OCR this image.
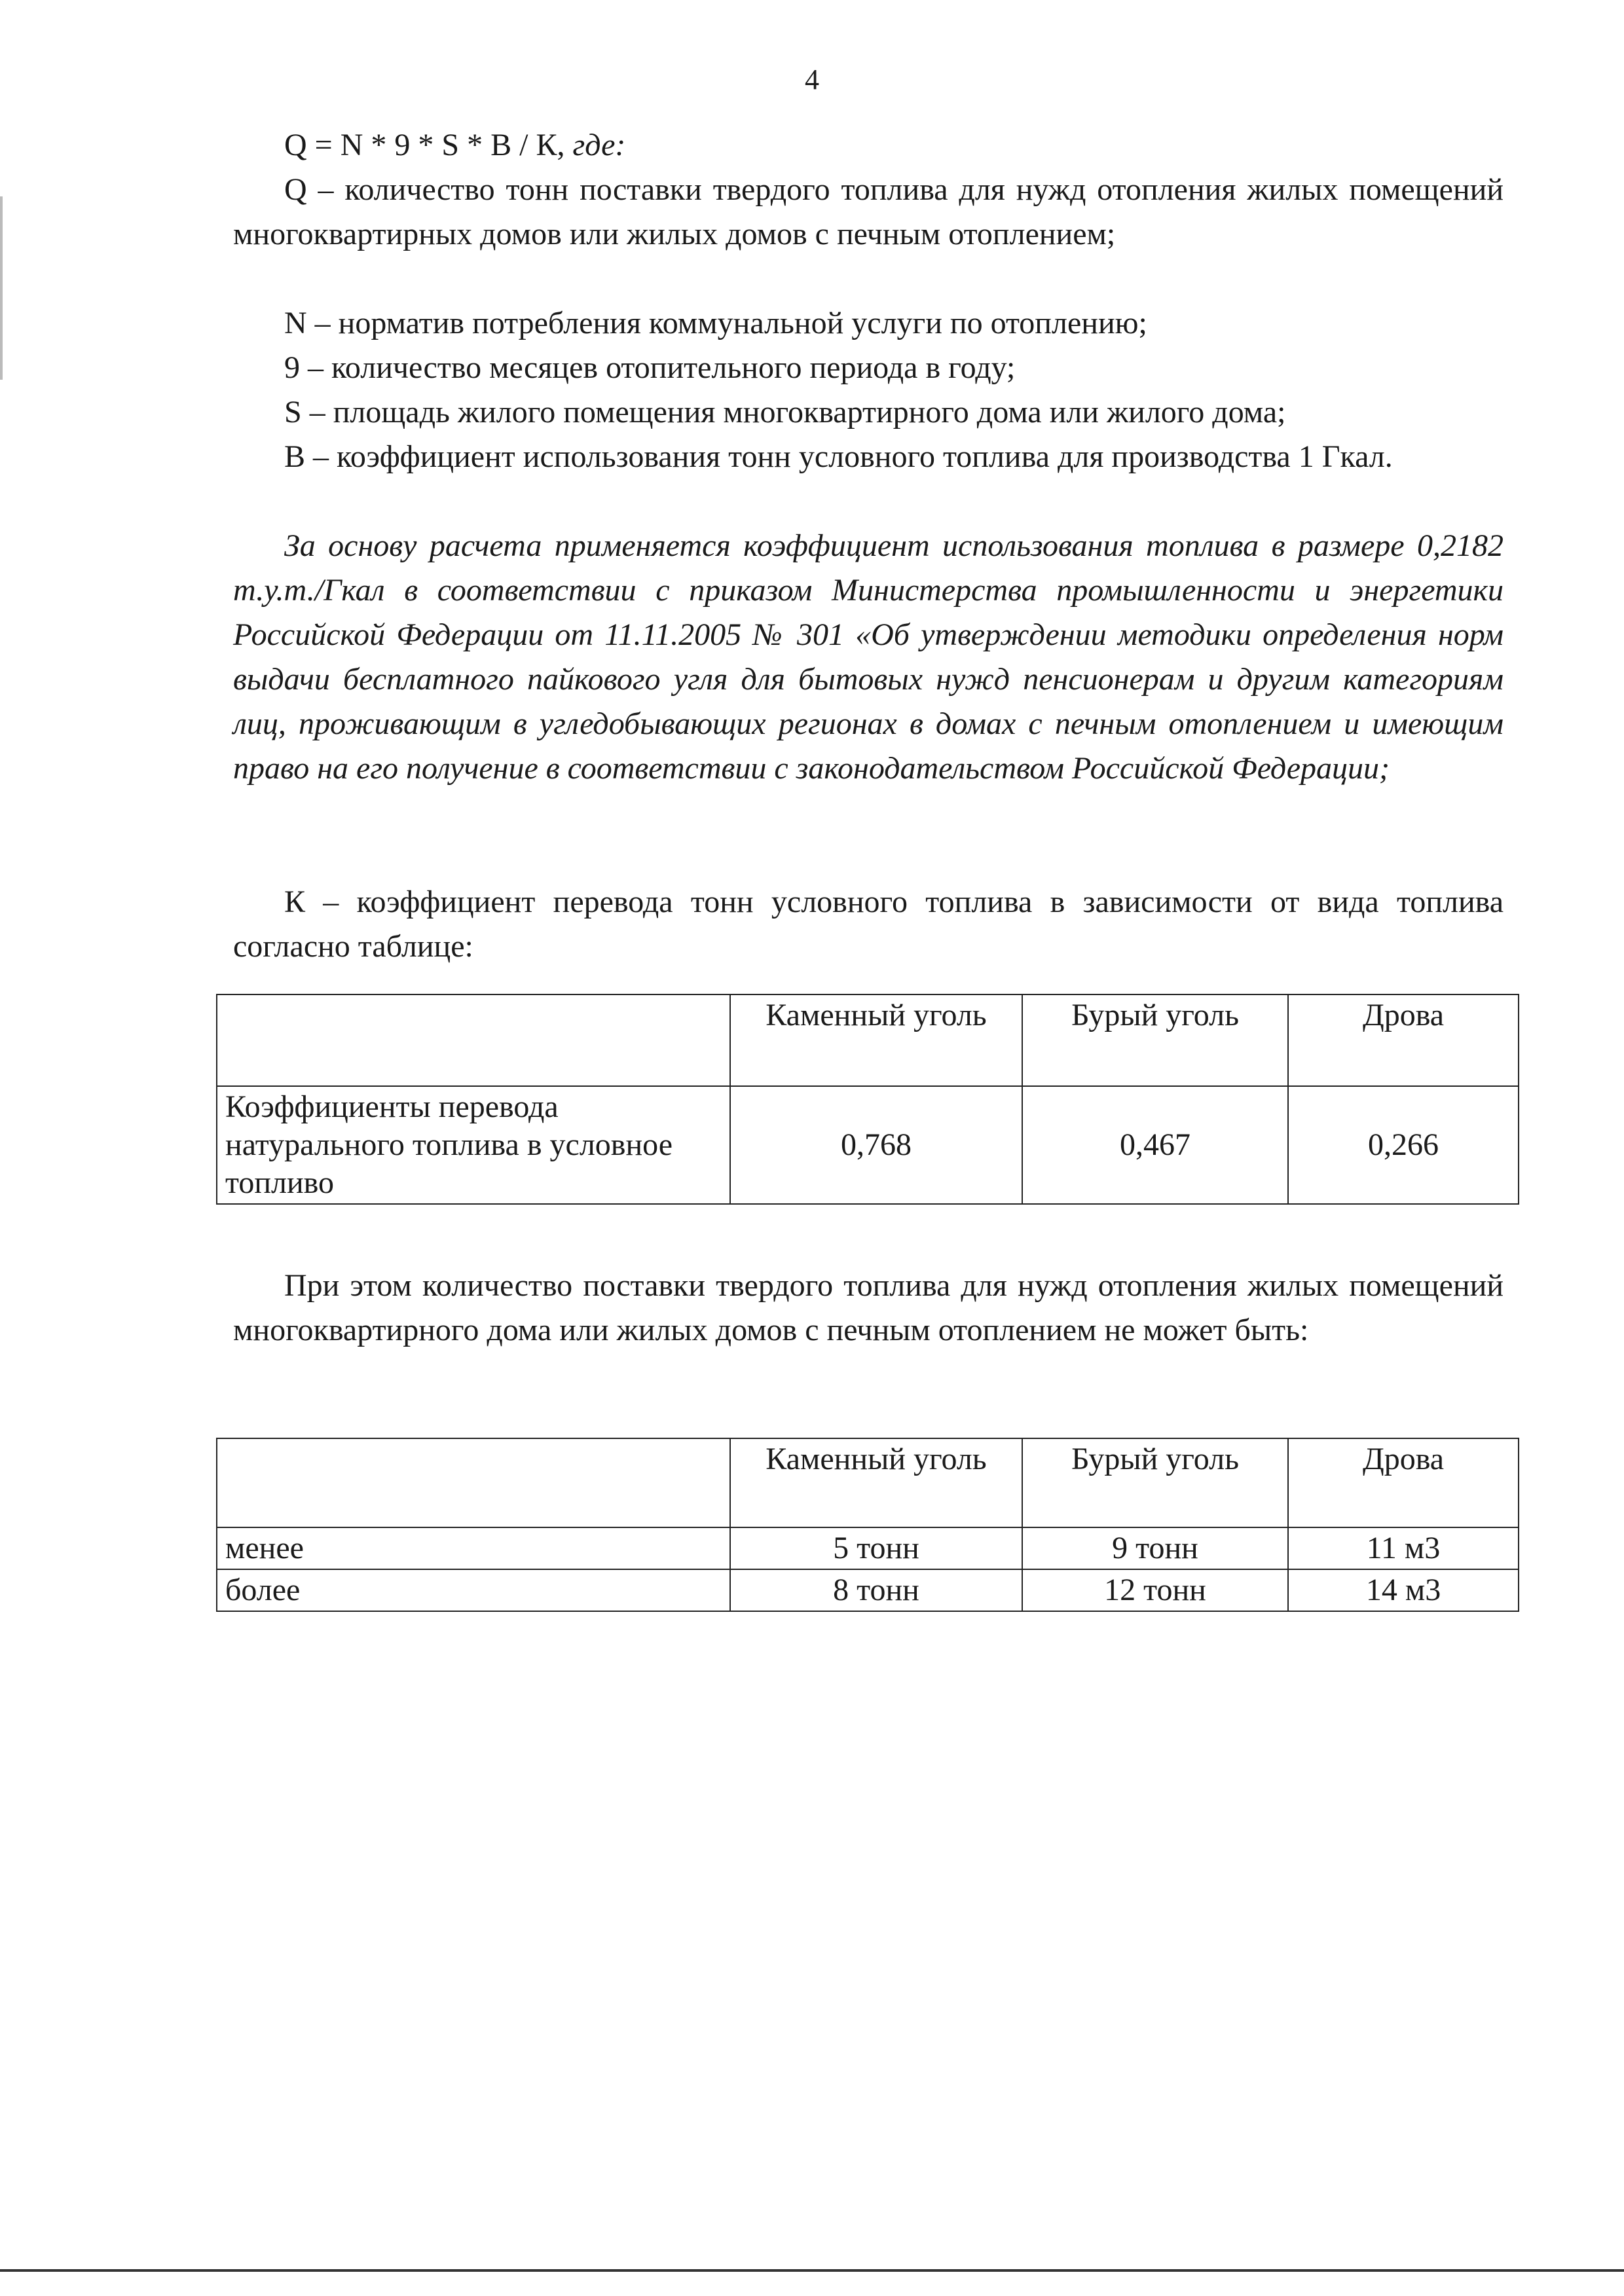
4
Q = N * 9 * S * B / К, где:
Q – количество тонн поставки твердого топлива для нужд отопления жилых помещений многоквартирных домов или жилых домов с печным отоплением;
N – норматив потребления коммунальной услуги по отоплению;
9 – количество месяцев отопительного периода в году;
S – площадь жилого помещения многоквартирного дома или жилого дома;
В – коэффициент использования тонн условного топлива для производства 1 Гкал.
За основу расчета применяется коэффициент использования топлива в размере 0,2182 т.у.т./Гкал в соответствии с приказом Министерства промышленности и энергетики Российской Федерации от 11.11.2005 № 301 «Об утверждении методики определения норм выдачи бесплатного пайкового угля для бытовых нужд пенсионерам и другим категориям лиц, проживающим в угледобывающих регионах в домах с печным отоплением и имеющим право на его получение в соответствии с законодательством Российской Федерации;
К – коэффициент перевода тонн условного топлива в зависимости от вида топлива согласно таблице:
	Каменный уголь	Бурый уголь	Дрова
Коэффициенты перевода натурального топлива в условное топливо	0,768	0,467	0,266
При этом количество поставки твердого топлива для нужд отопления жилых помещений многоквартирного дома или жилых домов с печным отоплением не может быть:
	Каменный уголь	Бурый уголь	Дрова
менее	5 тонн	9 тонн	11 м3
более	8 тонн	12 тонн	14 м3
